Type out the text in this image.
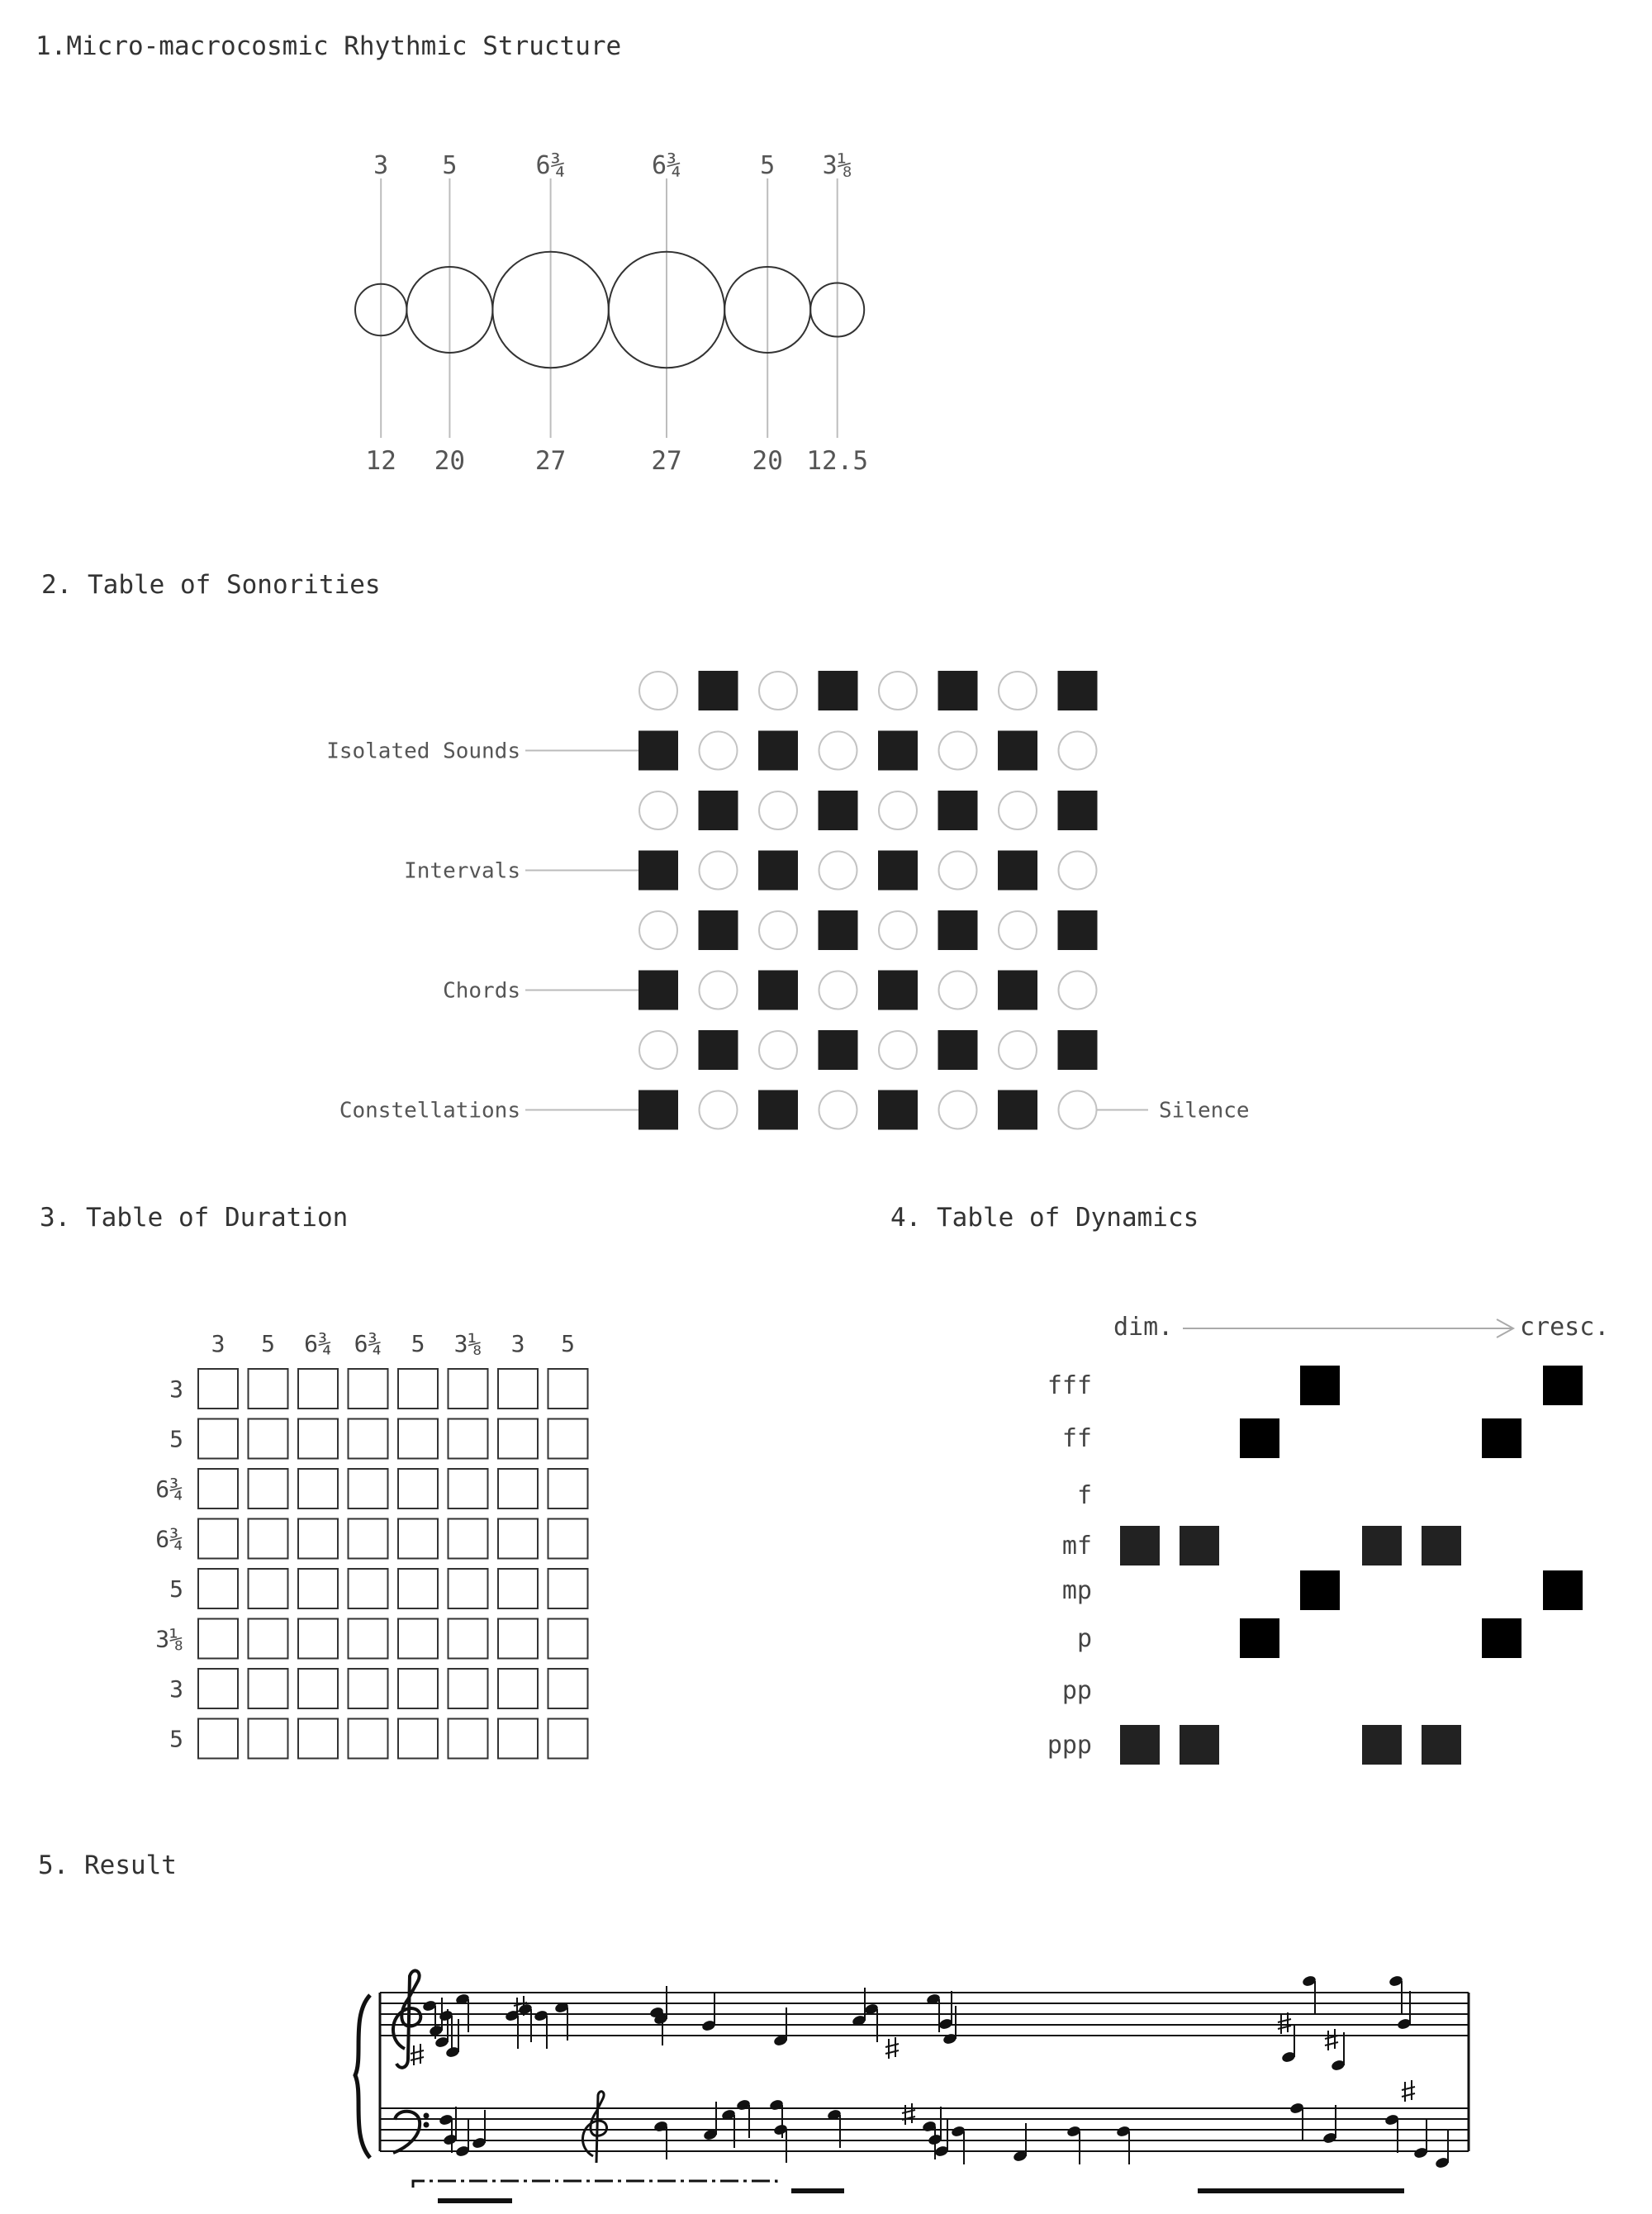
1.Micro-macrocosmic Rhythmic Structure
2. Table of Sonorities
3. Table of Duration	4. Table of Dynamics
5. Result
3
12
5
20
6¾
27
6¾
27
5
20
3⅛
12.5
Isolated Sounds
Intervals
Chords
Constellations	Silence
3 5 6¾ 6¾ 5 3⅛ 3 5
3
5
6¾
6¾
5
3⅛
3
5
dim.	cresc.
fff
ff
f
mf
mp
p
pp
ppp
